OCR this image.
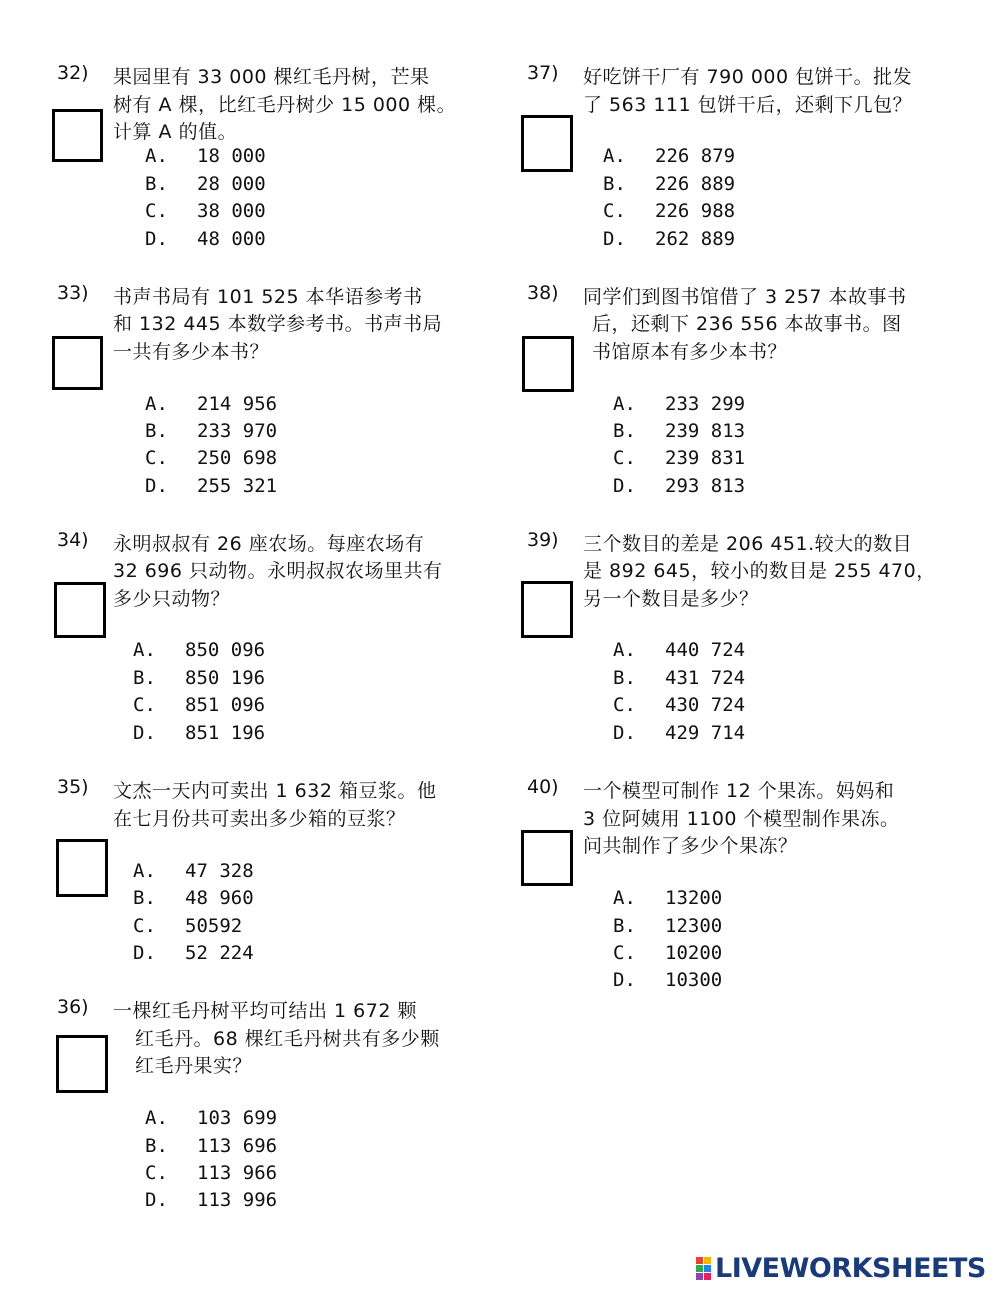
32) 果园里有 33 000 棵红毛丹树，芒果
树有 A 棵，比红毛丹树少 15 000 棵。
计算 A 的值。
A. 18 000
B. 28 000
C. 38 000
D. 48 000
33) 书声书局有 101 525 本华语参考书
和 132 445 本数学参考书。书声书局
一共有多少本书？
A. 214 956
B. 233 970
C. 250 698
D. 255 321
34) 永明叔叔有 26 座农场。每座农场有
32 696 只动物。永明叔叔农场里共有
多少只动物？
A. 850 096
B. 850 196
C. 851 096
D. 851 196
35) 文杰一天内可卖出 1 632 箱豆浆。他
在七月份共可卖出多少箱的豆浆？
A. 47 328
B. 48 960
C. 50592
D. 52 224
36) 一棵红毛丹树平均可结出 1 672 颗
红毛丹。68 棵红毛丹树共有多少颗
红毛丹果实？
A. 103 699
B. 113 696
C. 113 966
D. 113 996
37) 好吃饼干厂有 790 000 包饼干。批发
了 563 111 包饼干后，还剩下几包？
A. 226 879
B. 226 889
C. 226 988
D. 262 889
38) 同学们到图书馆借了 3 257 本故事书
后，还剩下 236 556 本故事书。图
书馆原本有多少本书？
A. 233 299
B. 239 813
C. 239 831
D. 293 813
39) 三个数目的差是 206 451.较大的数目
是 892 645，较小的数目是 255 470，
另一个数目是多少？
A. 440 724
B. 431 724
C. 430 724
D. 429 714
40) 一个模型可制作 12 个果冻。妈妈和
3 位阿姨用 1100 个模型制作果冻。
问共制作了多少个果冻？
A. 13200
B. 12300
C. 10200
D. 10300
LIVEWORKSHEETS
